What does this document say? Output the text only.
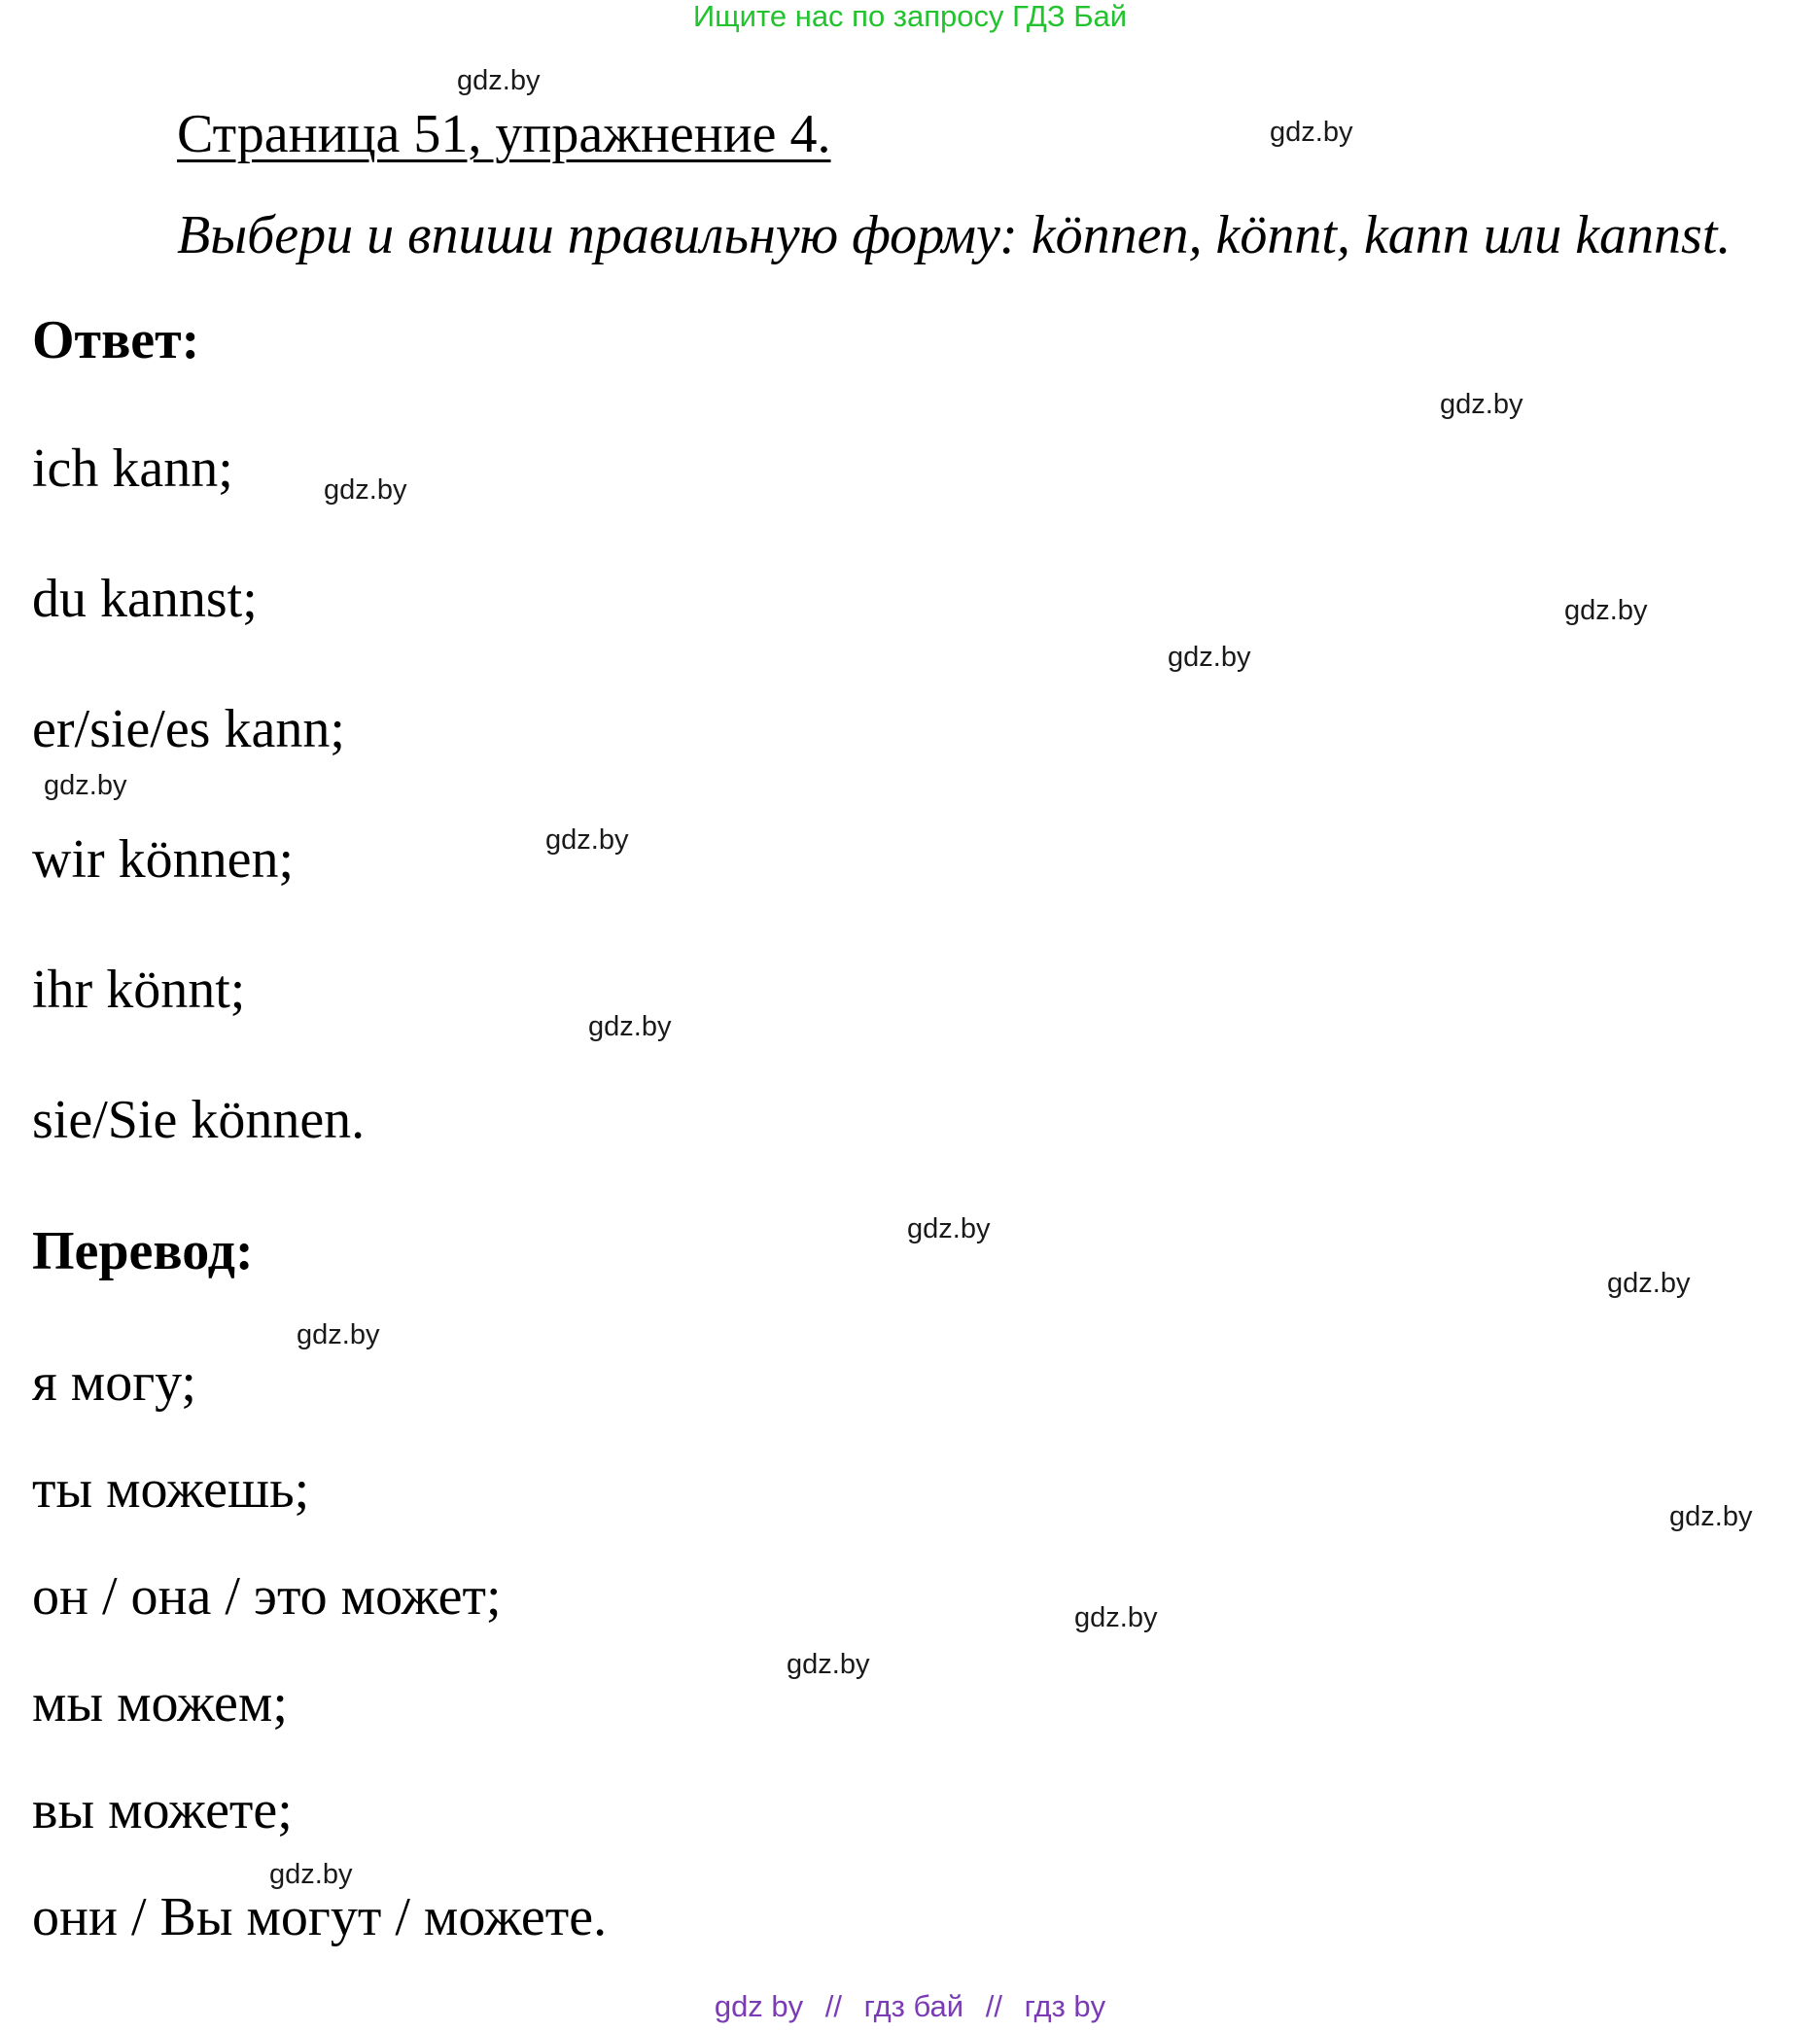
Ищите нас по запросу ГДЗ Бай
Страница 51, упражнение 4.
Выбери и впиши правильную форму: können, könnt, kann или kannst.
Ответ:
ich kann;
du kannst;
er/sie/es kann;
wir können;
ihr könnt;
sie/Sie können.
Перевод:
я могу;
ты можешь;
он / она / это может;
мы можем;
вы можете;
они / Вы могут / можете.
gdz.by
gdz.by
gdz.by
gdz.by
gdz.by
gdz.by
gdz.by
gdz.by
gdz.by
gdz.by
gdz.by
gdz.by
gdz.by
gdz.by
gdz.by
gdz.by
gdz by // гдз бай // гдз by
